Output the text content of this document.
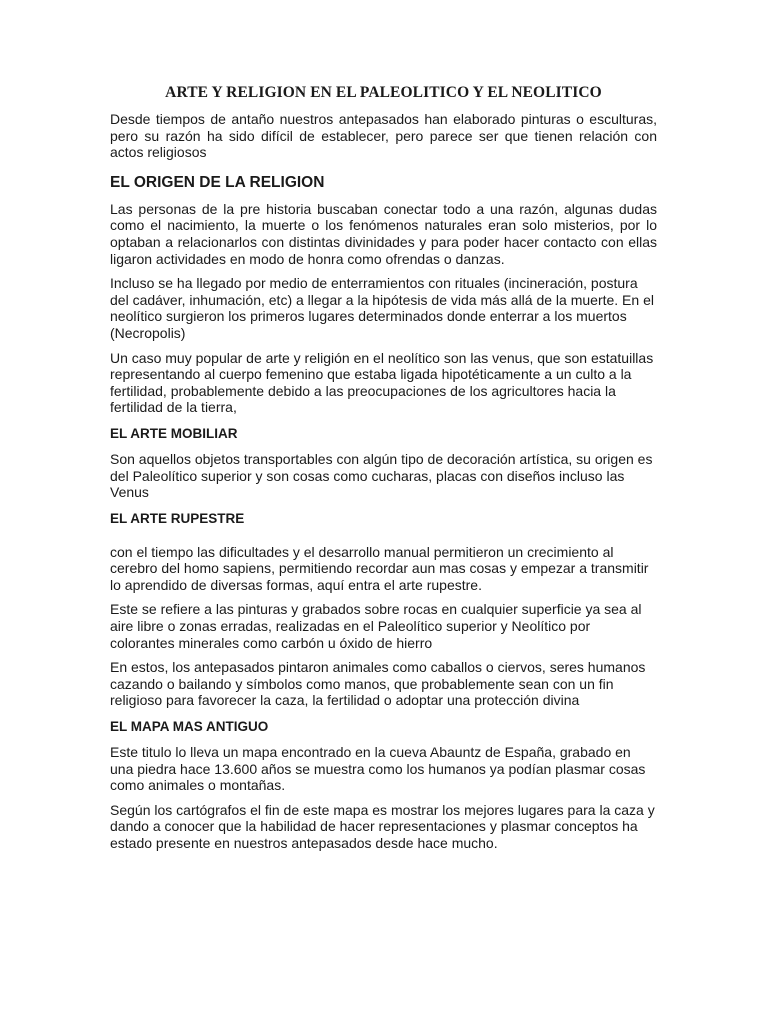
ARTE Y RELIGION EN EL PALEOLITICO Y EL NEOLITICO

Desde tiempos de antaño nuestros antepasados han elaborado pinturas o esculturas, pero su razón ha sido difícil de establecer, pero parece ser que tienen relación con actos religiosos

EL ORIGEN DE LA RELIGION

Las personas de la pre historia buscaban conectar todo a una razón, algunas dudas como el nacimiento, la muerte o los fenómenos naturales eran solo misterios, por lo optaban a relacionarlos con distintas divinidades y para poder hacer contacto con ellas ligaron actividades en modo de honra como ofrendas o danzas.

Incluso se ha llegado por medio de enterramientos con rituales (incineración, postura del cadáver, inhumación, etc) a llegar a la hipótesis de vida más allá de la muerte. En el neolítico surgieron los primeros lugares determinados donde enterrar a los muertos (Necropolis)

Un caso muy popular de arte y religión en el neolítico son las venus, que son estatuillas representando al cuerpo femenino que estaba ligada hipotéticamente a un culto a la fertilidad, probablemente debido a las preocupaciones de los agricultores hacia la fertilidad de la tierra,

EL ARTE MOBILIAR

Son aquellos objetos transportables con algún tipo de decoración artística, su origen es del Paleolítico superior y son cosas como cucharas, placas con diseños incluso las Venus

EL ARTE RUPESTRE

con el tiempo las dificultades y el desarrollo manual permitieron un crecimiento al cerebro del homo sapiens, permitiendo recordar aun mas cosas y empezar a transmitir lo aprendido de diversas formas, aquí entra el arte rupestre.

Este se refiere a las pinturas y grabados sobre rocas en cualquier superficie ya sea al aire libre o zonas erradas, realizadas en el Paleolítico superior y Neolítico por colorantes minerales como carbón u óxido de hierro

En estos, los antepasados pintaron animales como caballos o ciervos, seres humanos cazando o bailando y símbolos como manos, que probablemente sean con un fin religioso para favorecer la caza, la fertilidad o adoptar una protección divina

EL MAPA MAS ANTIGUO

Este titulo lo lleva un mapa encontrado en la cueva Abauntz de España, grabado en una piedra hace 13.600 años se muestra como los humanos ya podían plasmar cosas como animales o montañas.

Según los cartógrafos el fin de este mapa es mostrar los mejores lugares para la caza y dando a conocer que la habilidad de hacer representaciones y plasmar conceptos ha estado presente en nuestros antepasados desde hace mucho.
